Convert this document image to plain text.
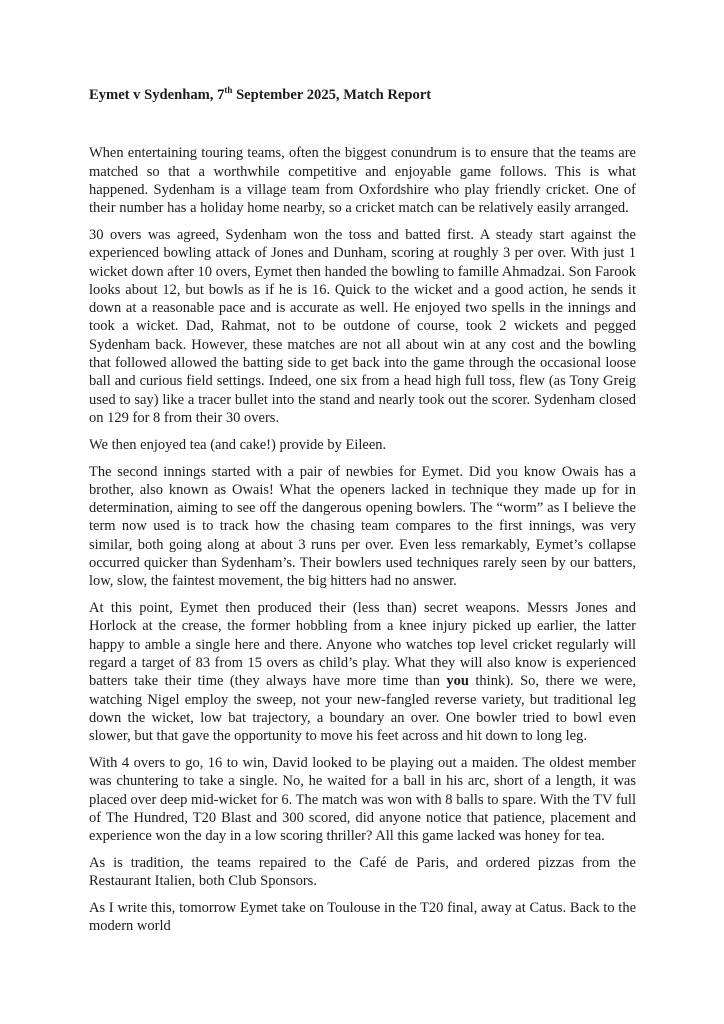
Eymet v Sydenham, 7th September 2025, Match Report

When entertaining touring teams, often the biggest conundrum is to ensure that the teams are matched so that a worthwhile competitive and enjoyable game follows. This is what happened. Sydenham is a village team from Oxfordshire who play friendly cricket. One of their number has a holiday home nearby, so a cricket match can be relatively easily arranged.

30 overs was agreed, Sydenham won the toss and batted first. A steady start against the experienced bowling attack of Jones and Dunham, scoring at roughly 3 per over. With just 1 wicket down after 10 overs, Eymet then handed the bowling to famille Ahmadzai. Son Farook looks about 12, but bowls as if he is 16. Quick to the wicket and a good action, he sends it down at a reasonable pace and is accurate as well. He enjoyed two spells in the innings and took a wicket. Dad, Rahmat, not to be outdone of course, took 2 wickets and pegged Sydenham back. However, these matches are not all about win at any cost and the bowling that followed allowed the batting side to get back into the game through the occasional loose ball and curious field settings. Indeed, one six from a head high full toss, flew (as Tony Greig used to say) like a tracer bullet into the stand and nearly took out the scorer. Sydenham closed on 129 for 8 from their 30 overs.

We then enjoyed tea (and cake!) provide by Eileen.

The second innings started with a pair of newbies for Eymet. Did you know Owais has a brother, also known as Owais! What the openers lacked in technique they made up for in determination, aiming to see off the dangerous opening bowlers. The “worm” as I believe the term now used is to track how the chasing team compares to the first innings, was very similar, both going along at about 3 runs per over. Even less remarkably, Eymet’s collapse occurred quicker than Sydenham’s. Their bowlers used techniques rarely seen by our batters, low, slow, the faintest movement, the big hitters had no answer.

At this point, Eymet then produced their (less than) secret weapons. Messrs Jones and Horlock at the crease, the former hobbling from a knee injury picked up earlier, the latter happy to amble a single here and there. Anyone who watches top level cricket regularly will regard a target of 83 from 15 overs as child’s play. What they will also know is experienced batters take their time (they always have more time than you think). So, there we were, watching Nigel employ the sweep, not your new-fangled reverse variety, but traditional leg down the wicket, low bat trajectory, a boundary an over. One bowler tried to bowl even slower, but that gave the opportunity to move his feet across and hit down to long leg.

With 4 overs to go, 16 to win, David looked to be playing out a maiden. The oldest member was chuntering to take a single. No, he waited for a ball in his arc, short of a length, it was placed over deep mid-wicket for 6. The match was won with 8 balls to spare. With the TV full of The Hundred, T20 Blast and 300 scored, did anyone notice that patience, placement and experience won the day in a low scoring thriller? All this game lacked was honey for tea.

As is tradition, the teams repaired to the Café de Paris, and ordered pizzas from the Restaurant Italien, both Club Sponsors.

As I write this, tomorrow Eymet take on Toulouse in the T20 final, away at Catus. Back to the modern world
